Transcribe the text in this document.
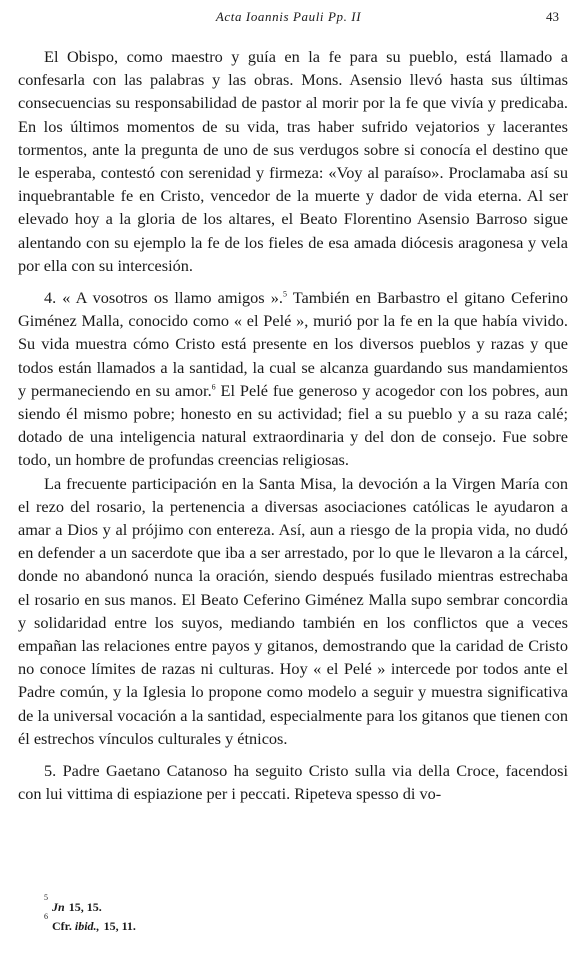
Acta Ioannis Pauli Pp. II	43

El Obispo, como maestro y guía en la fe para su pueblo, está llamado a confesarla con las palabras y las obras. Mons. Asensio llevó hasta sus últimas consecuencias su responsabilidad de pastor al morir por la fe que vivía y predicaba. En los últimos momentos de su vida, tras haber sufrido vejatorios y lacerantes tormentos, ante la pregunta de uno de sus verdugos sobre si conocía el destino que le esperaba, contestó con serenidad y firmeza: «Voy al paraíso». Proclamaba así su inquebrantable fe en Cristo, vencedor de la muerte y dador de vida eterna. Al ser elevado hoy a la gloria de los altares, el Beato Florentino Asensio Barroso sigue alentando con su ejemplo la fe de los fieles de esa amada diócesis aragonesa y vela por ella con su intercesión.

4. « A vosotros os llamo amigos ».$^5$ También en Barbastro el gitano Ceferino Giménez Malla, conocido como « el Pelé », murió por la fe en la que había vivido. Su vida muestra cómo Cristo está presente en los diversos pueblos y razas y que todos están llamados a la santidad, la cual se alcanza guardando sus mandamientos y permaneciendo en su amor.$^6$ El Pelé fue generoso y acogedor con los pobres, aun siendo él mismo pobre; honesto en su actividad; fiel a su pueblo y a su raza calé; dotado de una inteligencia natural extraordinaria y del don de consejo. Fue sobre todo, un hombre de profundas creencias religiosas.

La frecuente participación en la Santa Misa, la devoción a la Virgen María con el rezo del rosario, la pertenencia a diversas asociaciones católicas le ayudaron a amar a Dios y al prójimo con entereza. Así, aun a riesgo de la propia vida, no dudó en defender a un sacerdote que iba a ser arrestado, por lo que le llevaron a la cárcel, donde no abandonó nunca la oración, siendo después fusilado mientras estrechaba el rosario en sus manos. El Beato Ceferino Giménez Malla supo sembrar concordia y solidaridad entre los suyos, mediando también en los conflictos que a veces empañan las relaciones entre payos y gitanos, demostrando que la caridad de Cristo no conoce límites de razas ni culturas. Hoy « el Pelé » intercede por todos ante el Padre común, y la Iglesia lo propone como modelo a seguir y muestra significativa de la universal vocación a la santidad, especialmente para los gitanos que tienen con él estrechos vínculos culturales y étnicos.

5. Padre Gaetano Catanoso ha seguito Cristo sulla via della Croce, facendosi con lui vittima di espiazione per i peccati. Ripeteva spesso di vo-

5
Jn 15, 15.
6
Cfr.
ibid., 15, 11.
